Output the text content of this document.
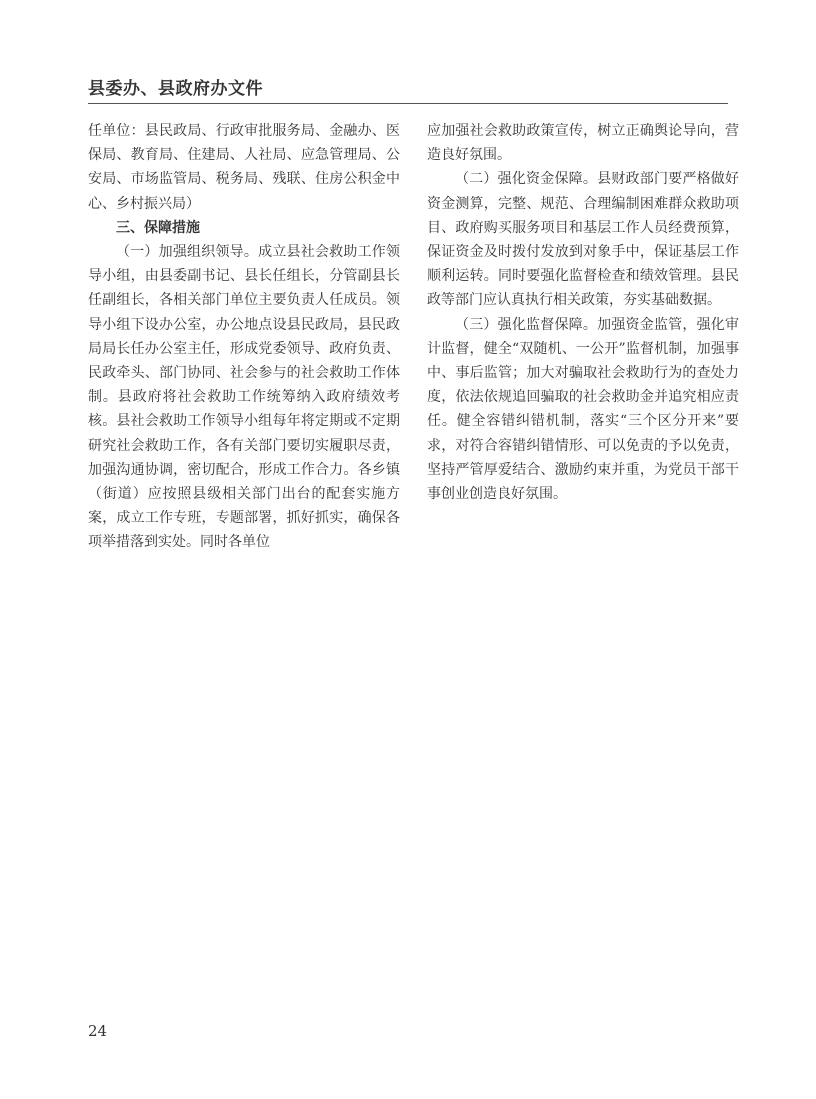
县委办、县政府办文件

任单位：县民政局、行政审批服务局、金融办、医保局、教育局、住建局、人社局、应急管理局、公安局、市场监管局、税务局、残联、住房公积金中心、乡村振兴局）

三、保障措施

（一）加强组织领导。成立县社会救助工作领导小组，由县委副书记、县长任组长，分管副县长任副组长，各相关部门单位主要负责人任成员。领导小组下设办公室，办公地点设县民政局，县民政局局长任办公室主任，形成党委领导、政府负责、民政牵头、部门协同、社会参与的社会救助工作体制。县政府将社会救助工作统筹纳入政府绩效考核。县社会救助工作领导小组每年将定期或不定期研究社会救助工作，各有关部门要切实履职尽责，加强沟通协调，密切配合，形成工作合力。各乡镇（街道）应按照县级相关部门出台的配套实施方案，成立工作专班，专题部署，抓好抓实，确保各项举措落到实处。同时各单位

应加强社会救助政策宣传，树立正确舆论导向，营造良好氛围。

（二）强化资金保障。县财政部门要严格做好资金测算，完整、规范、合理编制困难群众救助项目、政府购买服务项目和基层工作人员经费预算，保证资金及时拨付发放到对象手中，保证基层工作顺利运转。同时要强化监督检查和绩效管理。县民政等部门应认真执行相关政策，夯实基础数据。

（三）强化监督保障。加强资金监管，强化审计监督，健全“双随机、一公开”监督机制，加强事中、事后监管；加大对骗取社会救助行为的查处力度，依法依规追回骗取的社会救助金并追究相应责任。健全容错纠错机制，落实“三个区分开来”要求，对符合容错纠错情形、可以免责的予以免责，坚持严管厚爱结合、激励约束并重，为党员干部干事创业创造良好氛围。

24
